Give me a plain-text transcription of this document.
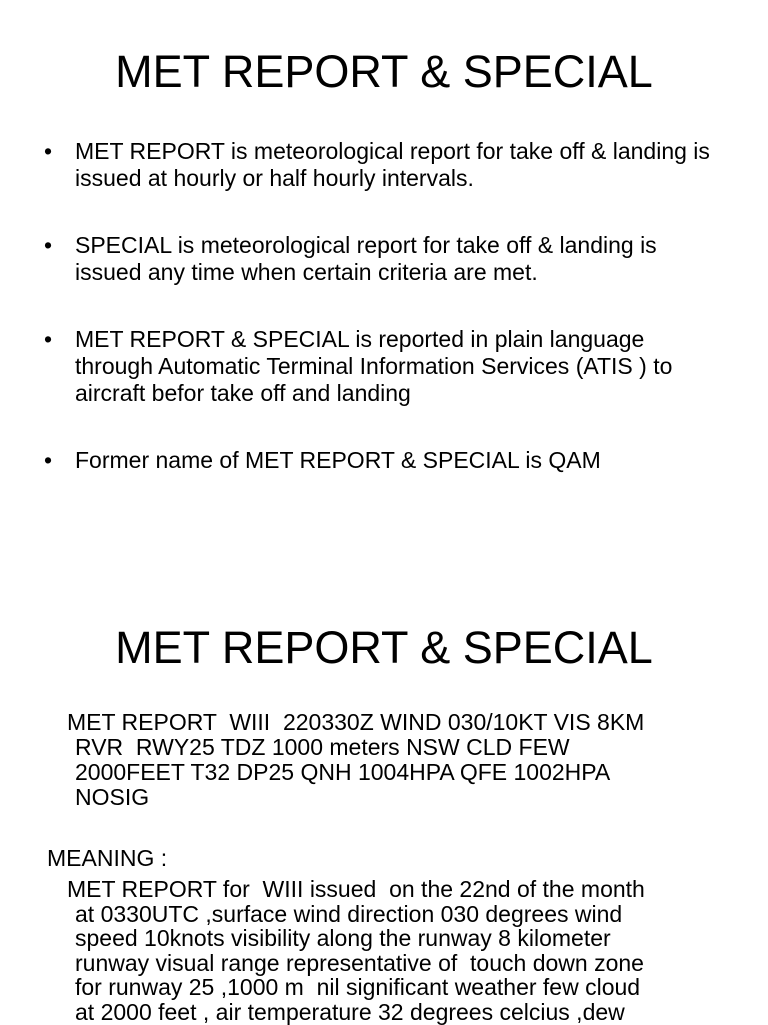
MET REPORT & SPECIAL
• MET REPORT is meteorological report for take off & landing is issued at hourly or half hourly intervals.
• SPECIAL is meteorological report for take off & landing is issued any time when certain criteria are met.
• MET REPORT & SPECIAL is reported in plain language through Automatic Terminal Information Services (ATIS ) to aircraft befor take off and landing
• Former name of MET REPORT & SPECIAL is QAM
MET REPORT & SPECIAL

MET REPORT  WIII  220330Z WIND 030/10KT VIS 8KM
RVR  RWY25 TDZ 1000 meters NSW CLD FEW
2000FEET T32 DP25 QNH 1004HPA QFE 1002HPA
NOSIG

MEANING :

MET REPORT for  WIII issued  on the 22nd of the month
at 0330UTC ,surface wind direction 030 degrees wind
speed 10knots visibility along the runway 8 kilometer
runway visual range representative of  touch down zone
for runway 25 ,1000 m  nil significant weather few cloud
at 2000 feet , air temperature 32 degrees celcius ,dew
